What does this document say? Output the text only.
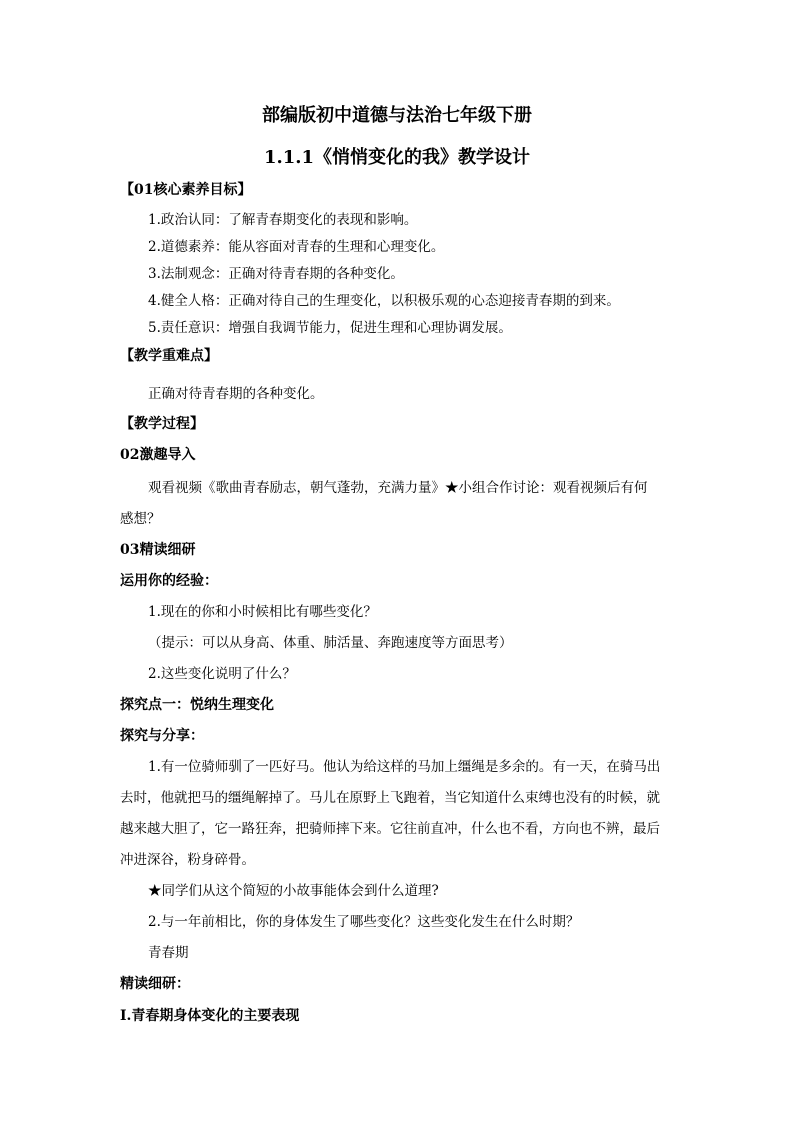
部编版初中道德与法治七年级下册
1.1.1《悄悄变化的我》教学设计
【01核心素养目标】
1.政治认同：了解青春期变化的表现和影响。
2.道德素养：能从容面对青春的生理和心理变化。
3.法制观念：正确对待青春期的各种变化。
4.健全人格：正确对待自己的生理变化，以积极乐观的心态迎接青春期的到来。
5.责任意识：增强自我调节能力，促进生理和心理协调发展。
【教学重难点】
正确对待青春期的各种变化。
【教学过程】
02激趣导入
观看视频《歌曲青春励志，朝气蓬勃，充满力量》★小组合作讨论：观看视频后有何
感想？
03精读细研
运用你的经验：
1.现在的你和小时候相比有哪些变化？
（提示：可以从身高、体重、肺活量、奔跑速度等方面思考）
2.这些变化说明了什么？
探究点一：悦纳生理变化
探究与分享：
1.有一位骑师驯了一匹好马。他认为给这样的马加上缰绳是多余的。有一天，在骑马出
去时，他就把马的缰绳解掉了。马儿在原野上飞跑着，当它知道什么束缚也没有的时候，就
越来越大胆了，它一路狂奔，把骑师摔下来。它往前直冲，什么也不看，方向也不辨，最后
冲进深谷，粉身碎骨。
★同学们从这个简短的小故事能体会到什么道理?
2.与一年前相比，你的身体发生了哪些变化？这些变化发生在什么时期？
青春期
精读细研：
Ⅰ.青春期身体变化的主要表现
